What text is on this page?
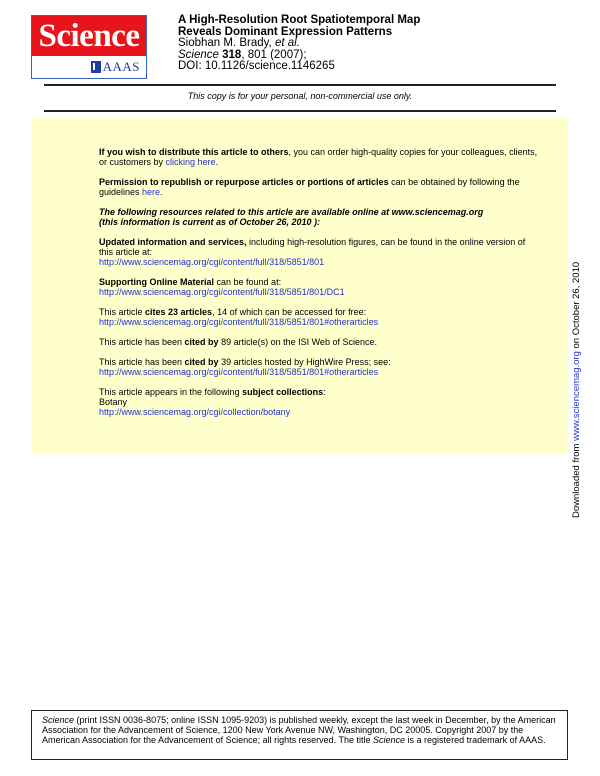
Science
AAAS
A High-Resolution Root Spatiotemporal Map
Reveals Dominant Expression Patterns
Siobhan M. Brady, et al.
Science 318, 801 (2007);
DOI: 10.1126/science.1146265
This copy is for your personal, non-commercial use only.

If you wish to distribute this article to others, you can order high-quality copies for your colleagues, clients, or customers by clicking here.

Permission to republish or repurpose articles or portions of articles can be obtained by following the guidelines here.

The following resources related to this article are available online at www.sciencemag.org
(this information is current as of October 26, 2010 ):

Updated information and services, including high-resolution figures, can be found in the online version of this article at:
http://www.sciencemag.org/cgi/content/full/318/5851/801

Supporting Online Material can be found at:
http://www.sciencemag.org/cgi/content/full/318/5851/801/DC1

This article cites 23 articles, 14 of which can be accessed for free:
http://www.sciencemag.org/cgi/content/full/318/5851/801#otherarticles

This article has been cited by 89 article(s) on the ISI Web of Science.

This article has been cited by 39 articles hosted by HighWire Press; see:
http://www.sciencemag.org/cgi/content/full/318/5851/801#otherarticles

This article appears in the following subject collections:
Botany
http://www.sciencemag.org/cgi/collection/botany

Downloaded from www.sciencemag.org on October 26, 2010
Science (print ISSN 0036-8075; online ISSN 1095-9203) is published weekly, except the last week in December, by the American Association for the Advancement of Science, 1200 New York Avenue NW, Washington, DC 20005. Copyright 2007 by the American Association for the Advancement of Science; all rights reserved. The title Science is a registered trademark of AAAS.
